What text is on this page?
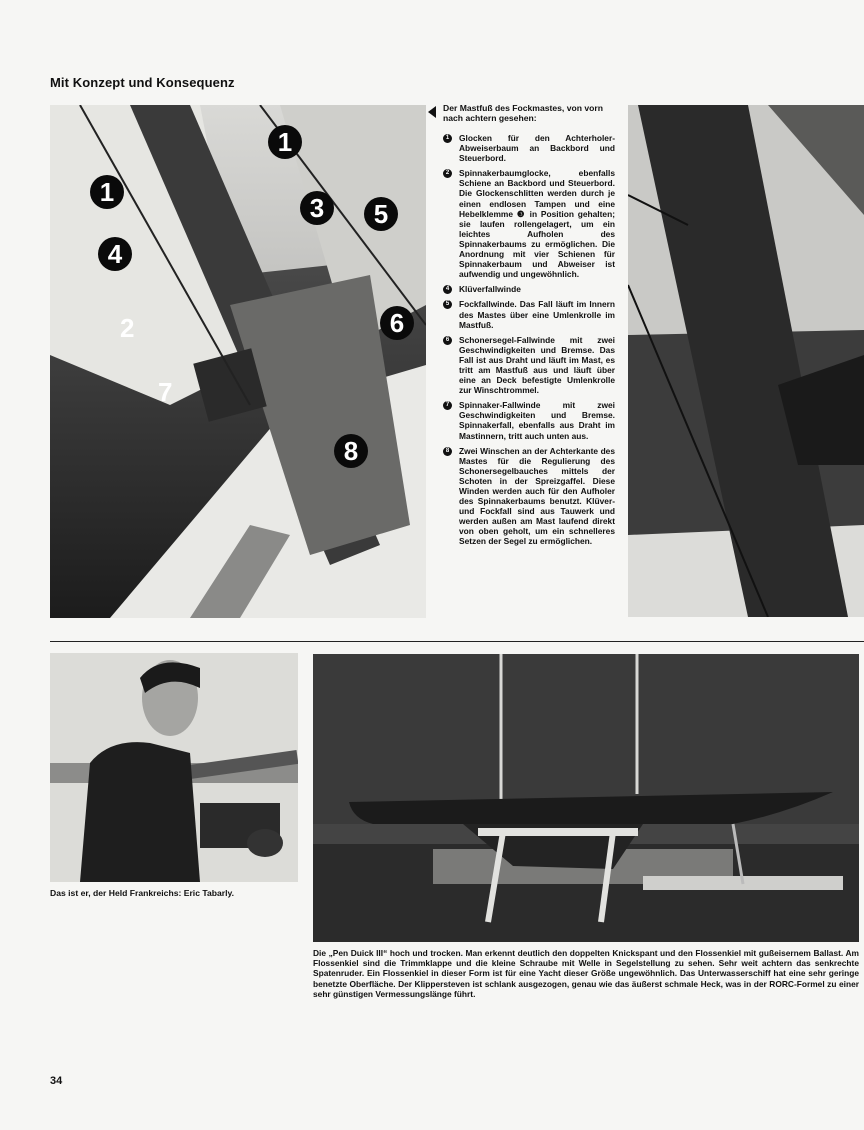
Mit Konzept und Konsequenz
1
1
3	5
4
2	6
7
8
Der Mastfuß des Fockmastes, von vorn nach achtern gesehen:
1	Glocken für den Achterholer-Abweiserbaum an Backbord und Steuerbord.
2	Spinnakerbaumglocke, ebenfalls Schiene an Backbord und Steuerbord. Die Glockenschlitten werden durch je einen endlosen Tampen und eine Hebelklemme ❸ in Position gehalten; sie laufen rollengelagert, um ein leichtes Aufholen des Spinnakerbaums zu ermöglichen. Die Anordnung mit vier Schienen für Spinnakerbaum und Abweiser ist aufwendig und ungewöhnlich.
4	Klüverfallwinde
5	Fockfallwinde. Das Fall läuft im Innern des Mastes über eine Umlenkrolle im Mastfuß.
6	Schonersegel-Fallwinde mit zwei Geschwindigkeiten und Bremse. Das Fall ist aus Draht und läuft im Mast, es tritt am Mastfuß aus und läuft über eine an Deck befestigte Umlenkrolle zur Winschtrommel.
7	Spinnaker-Fallwinde mit zwei Geschwindigkeiten und Bremse. Spinnakerfall, ebenfalls aus Draht im Mastinnern, tritt auch unten aus.
8	Zwei Winschen an der Achterkante des Mastes für die Regulierung des Schonersegelbauches mittels der Schoten in der Spreizgaffel. Diese Winden werden auch für den Aufholer des Spinnakerbaums benutzt. Klüver- und Fockfall sind aus Tauwerk und werden außen am Mast laufend direkt von oben geholt, um ein schnelleres Setzen der Segel zu ermöglichen.
Das ist er, der Held Frankreichs: Eric Tabarly.
Die „Pen Duick III“ hoch und trocken. Man erkennt deutlich den doppelten Knickspant und den Flossenkiel mit gußeisernem Ballast. Am Flossenkiel sind die Trimmklappe und die kleine Schraube mit Welle in Segelstellung zu sehen. Sehr weit achtern das senkrechte Spatenruder. Ein Flossenkiel in dieser Form ist für eine Yacht dieser Größe ungewöhnlich. Das Unterwasserschiff hat eine sehr geringe benetzte Oberfläche. Der Klippersteven ist schlank ausgezogen, genau wie das äußerst schmale Heck, was in der RORC-Formel zu einer sehr günstigen Vermessungslänge führt.
34
